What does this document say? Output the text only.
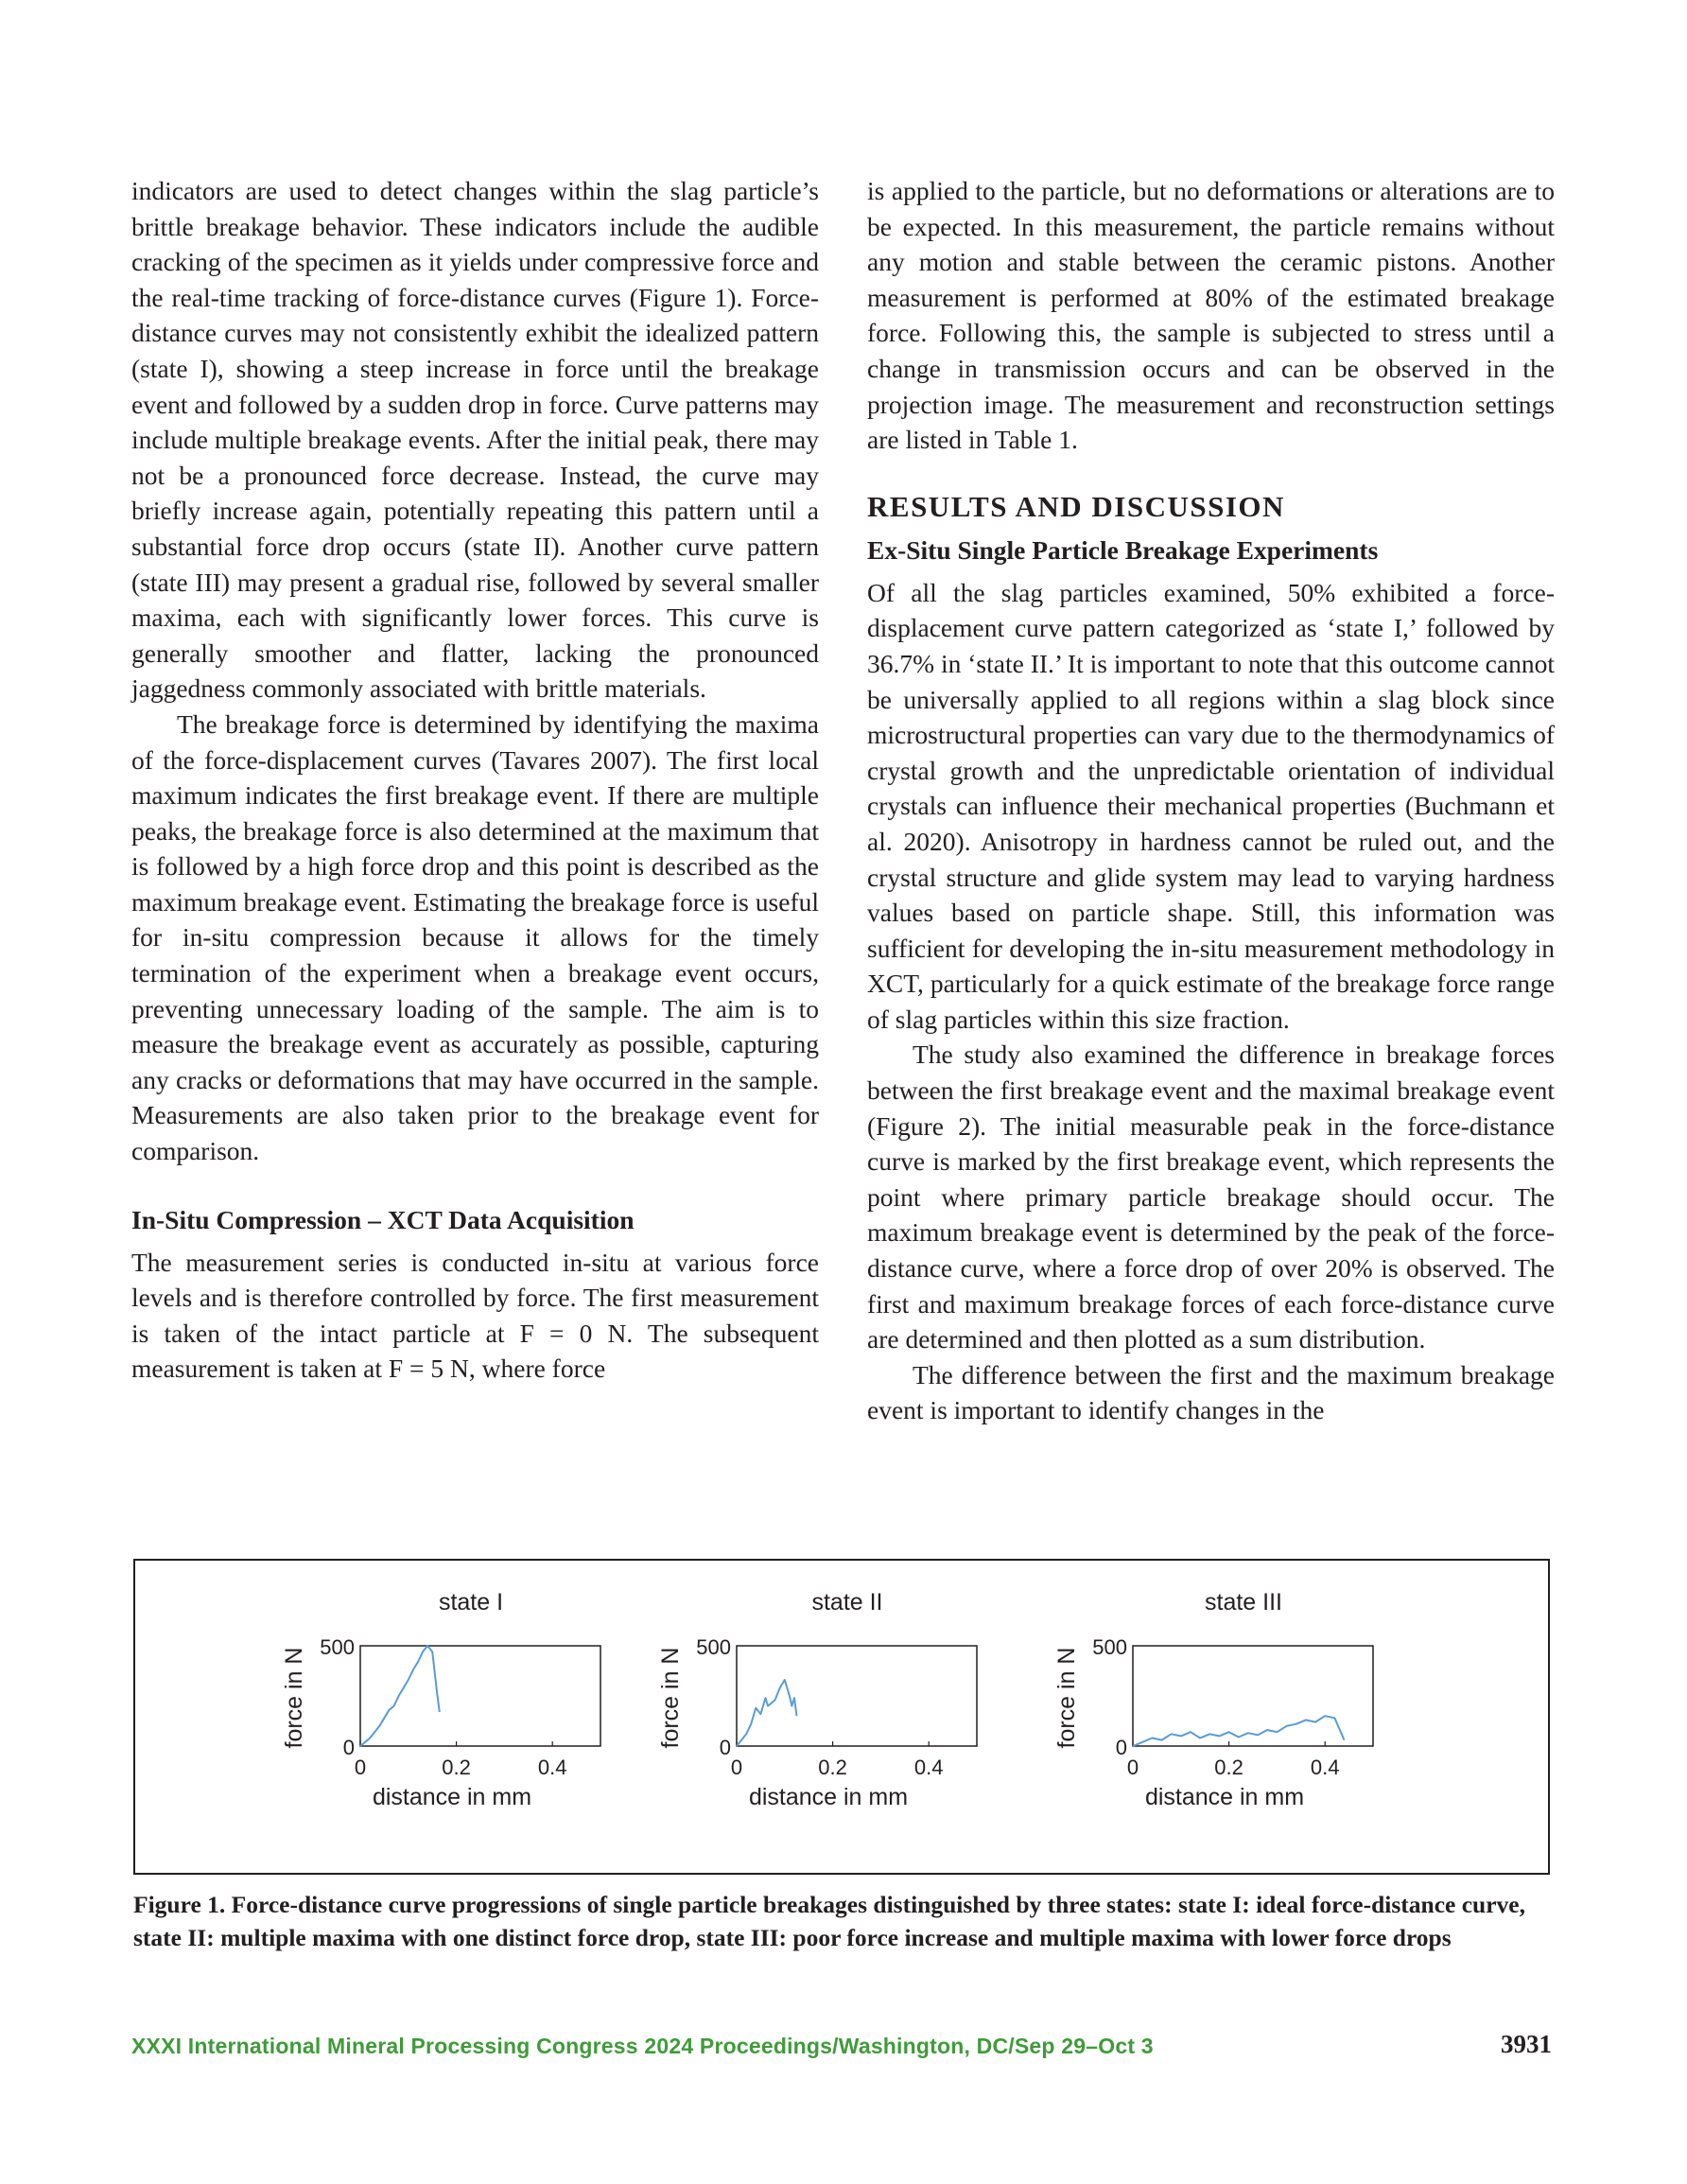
indicators are used to detect changes within the slag particle’s brittle breakage behavior. These indicators include the audible cracking of the specimen as it yields under compressive force and the real-time tracking of force-distance curves (Figure 1). Force-distance curves may not consistently exhibit the idealized pattern (state I), showing a steep increase in force until the breakage event and followed by a sudden drop in force. Curve patterns may include multiple breakage events. After the initial peak, there may not be a pronounced force decrease. Instead, the curve may briefly increase again, potentially repeating this pattern until a substantial force drop occurs (state II). Another curve pattern (state III) may present a gradual rise, followed by several smaller maxima, each with significantly lower forces. This curve is generally smoother and flatter, lacking the pronounced jaggedness commonly associated with brittle materials.

The breakage force is determined by identifying the maxima of the force-displacement curves (Tavares 2007). The first local maximum indicates the first breakage event. If there are multiple peaks, the breakage force is also determined at the maximum that is followed by a high force drop and this point is described as the maximum breakage event. Estimating the breakage force is useful for in-situ compression because it allows for the timely termination of the experiment when a breakage event occurs, preventing unnecessary loading of the sample. The aim is to measure the breakage event as accurately as possible, capturing any cracks or deformations that may have occurred in the sample. Measurements are also taken prior to the breakage event for comparison.

In-Situ Compression – XCT Data Acquisition

The measurement series is conducted in-situ at various force levels and is therefore controlled by force. The first measurement is taken of the intact particle at F = 0 N. The subsequent measurement is taken at F = 5 N, where force

is applied to the particle, but no deformations or alterations are to be expected. In this measurement, the particle remains without any motion and stable between the ceramic pistons. Another measurement is performed at 80% of the estimated breakage force. Following this, the sample is subjected to stress until a change in transmission occurs and can be observed in the projection image. The measurement and reconstruction settings are listed in Table 1.

RESULTS AND DISCUSSION
Ex-Situ Single Particle Breakage Experiments

Of all the slag particles examined, 50% exhibited a force-displacement curve pattern categorized as ‘state I,’ followed by 36.7% in ‘state II.’ It is important to note that this outcome cannot be universally applied to all regions within a slag block since microstructural properties can vary due to the thermodynamics of crystal growth and the unpredictable orientation of individual crystals can influence their mechanical properties (Buchmann et al. 2020). Anisotropy in hardness cannot be ruled out, and the crystal structure and glide system may lead to varying hardness values based on particle shape. Still, this information was sufficient for developing the in-situ measurement methodology in XCT, particularly for a quick estimate of the breakage force range of slag particles within this size fraction.

The study also examined the difference in breakage forces between the first breakage event and the maximal breakage event (Figure 2). The initial measurable peak in the force-distance curve is marked by the first breakage event, which represents the point where primary particle breakage should occur. The maximum breakage event is determined by the peak of the force-distance curve, where a force drop of over 20% is observed. The first and maximum breakage forces of each force-distance curve are determined and then plotted as a sum distribution.

The difference between the first and the maximum breakage event is important to identify changes in the

state I
force in N 0
500
0	0.2	0.4
distance in mm
state II
force in N 0
500
0	0.2	0.4
distance in mm
state III
force in N 0
500
0	0.2	0.4
distance in mm
Figure 1. Force-distance curve progressions of single particle breakages distinguished by three states: state I: ideal force-distance curve, state II: multiple maxima with one distinct force drop, state III: poor force increase and multiple maxima with lower force drops
XXXI International Mineral Processing Congress 2024 Proceedings/Washington, DC/Sep 29–Oct 3	3931
